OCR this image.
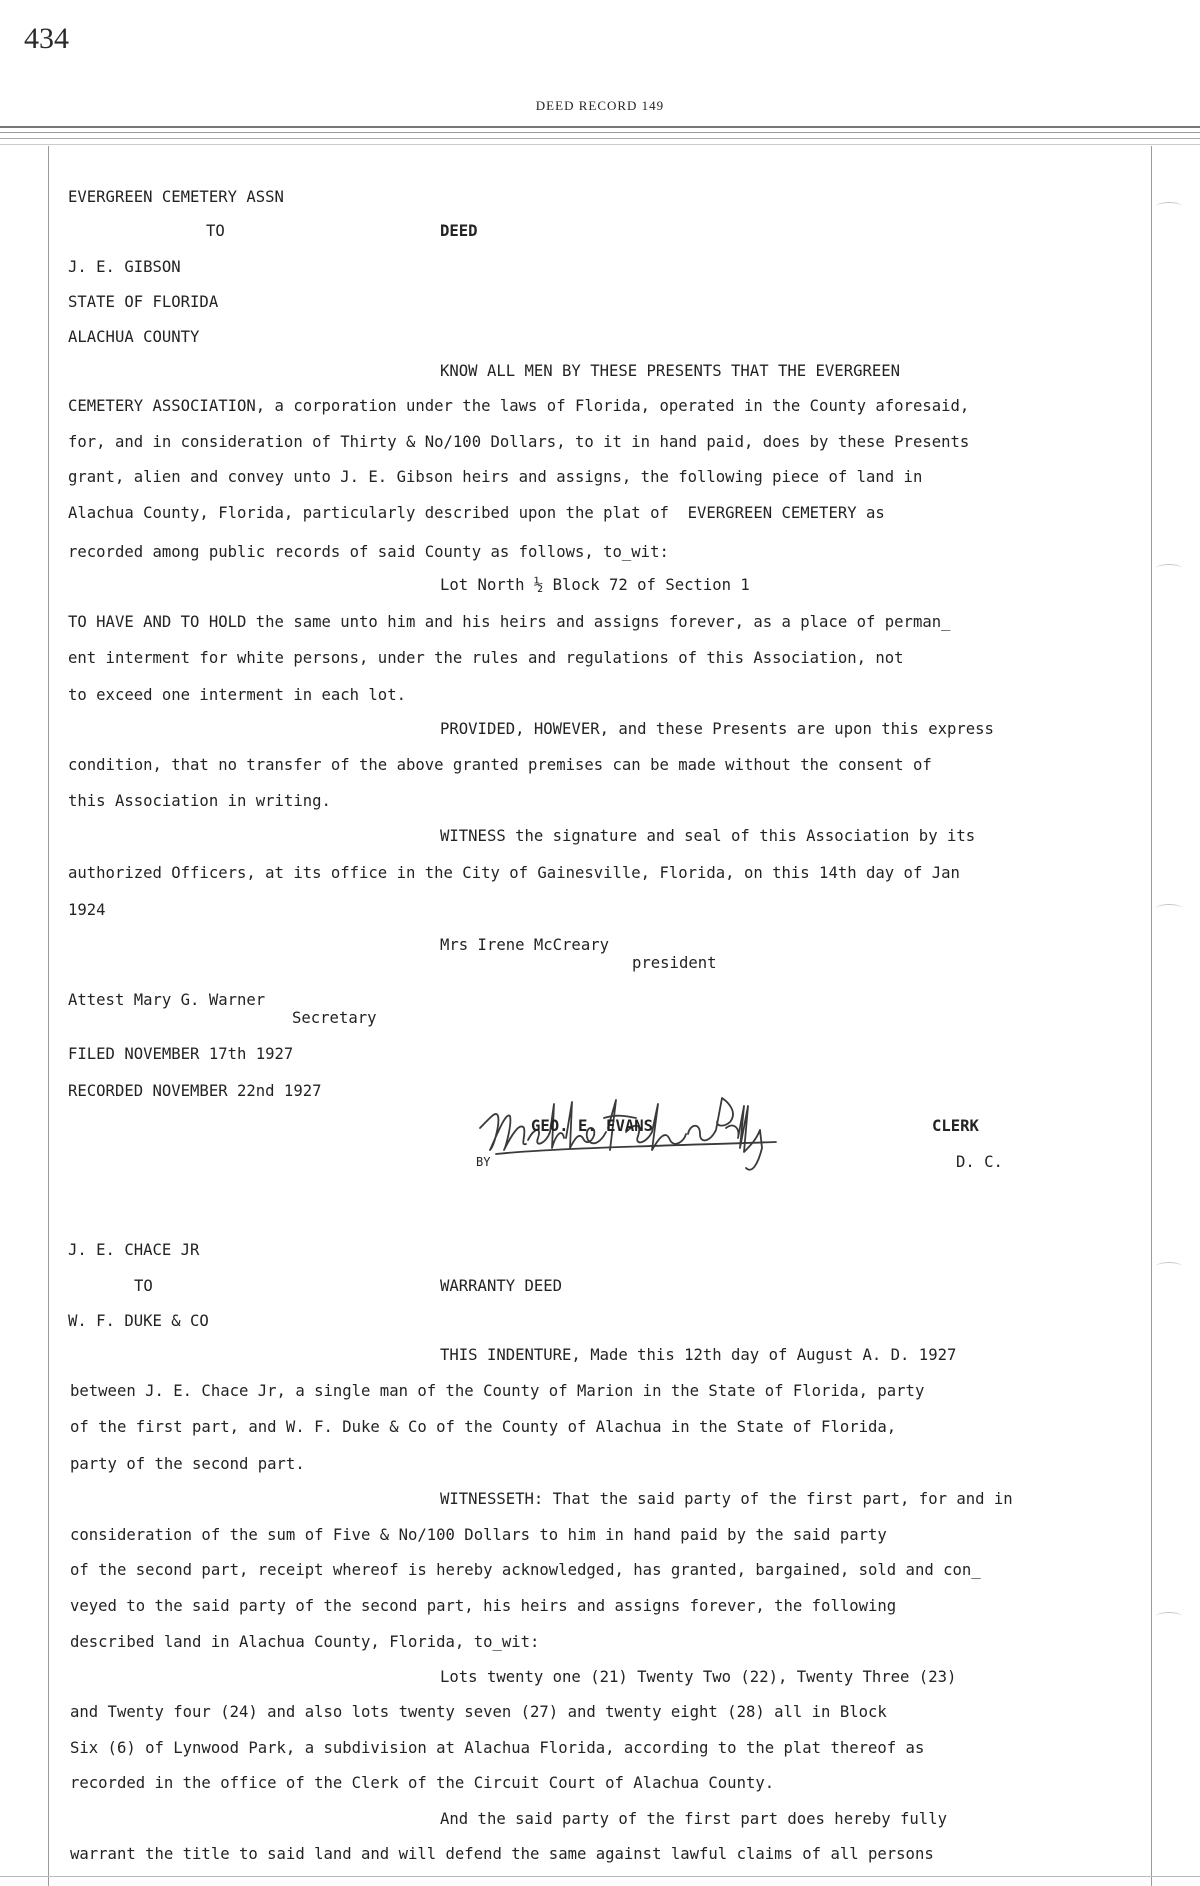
434
DEED RECORD 149
EVERGREEN CEMETERY ASSN
TO	DEED
J. E. GIBSON
STATE OF FLORIDA
ALACHUA COUNTY
KNOW ALL MEN BY THESE PRESENTS THAT THE EVERGREEN
CEMETERY ASSOCIATION, a corporation under the laws of Florida, operated in the County aforesaid,
for, and in consideration of Thirty & No/100 Dollars, to it in hand paid, does by these Presents
grant, alien and convey unto J. E. Gibson heirs and assigns, the following piece of land in
Alachua County, Florida, particularly described upon the plat of  EVERGREEN CEMETERY as
recorded among public records of said County as follows, to_wit:
Lot North ½ Block 72 of Section 1
TO HAVE AND TO HOLD the same unto him and his heirs and assigns forever, as a place of perman_
ent interment for white persons, under the rules and regulations of this Association, not
to exceed one interment in each lot.
PROVIDED, HOWEVER, and these Presents are upon this express
condition, that no transfer of the above granted premises can be made without the consent of
this Association in writing.
WITNESS the signature and seal of this Association by its
authorized Officers, at its office in the City of Gainesville, Florida, on this 14th day of Jan
1924
Mrs Irene McCreary
president
Attest Mary G. Warner
Secretary
FILED NOVEMBER 17th 1927
RECORDED NOVEMBER 22nd 1927
GEO. E. EVANS	CLERK
BY	D. C.
J. E. CHACE JR
TO	WARRANTY DEED
W. F. DUKE & CO
THIS INDENTURE, Made this 12th day of August A. D. 1927
between J. E. Chace Jr, a single man of the County of Marion in the State of Florida, party
of the first part, and W. F. Duke & Co of the County of Alachua in the State of Florida,
party of the second part.
WITNESSETH: That the said party of the first part, for and in
consideration of the sum of Five & No/100 Dollars to him in hand paid by the said party
of the second part, receipt whereof is hereby acknowledged, has granted, bargained, sold and con_
veyed to the said party of the second part, his heirs and assigns forever, the following
described land in Alachua County, Florida, to_wit:
Lots twenty one (21) Twenty Two (22), Twenty Three (23)
and Twenty four (24) and also lots twenty seven (27) and twenty eight (28) all in Block
Six (6) of Lynwood Park, a subdivision at Alachua Florida, according to the plat thereof as
recorded in the office of the Clerk of the Circuit Court of Alachua County.
And the said party of the first part does hereby fully
warrant the title to said land and will defend the same against lawful claims of all persons
